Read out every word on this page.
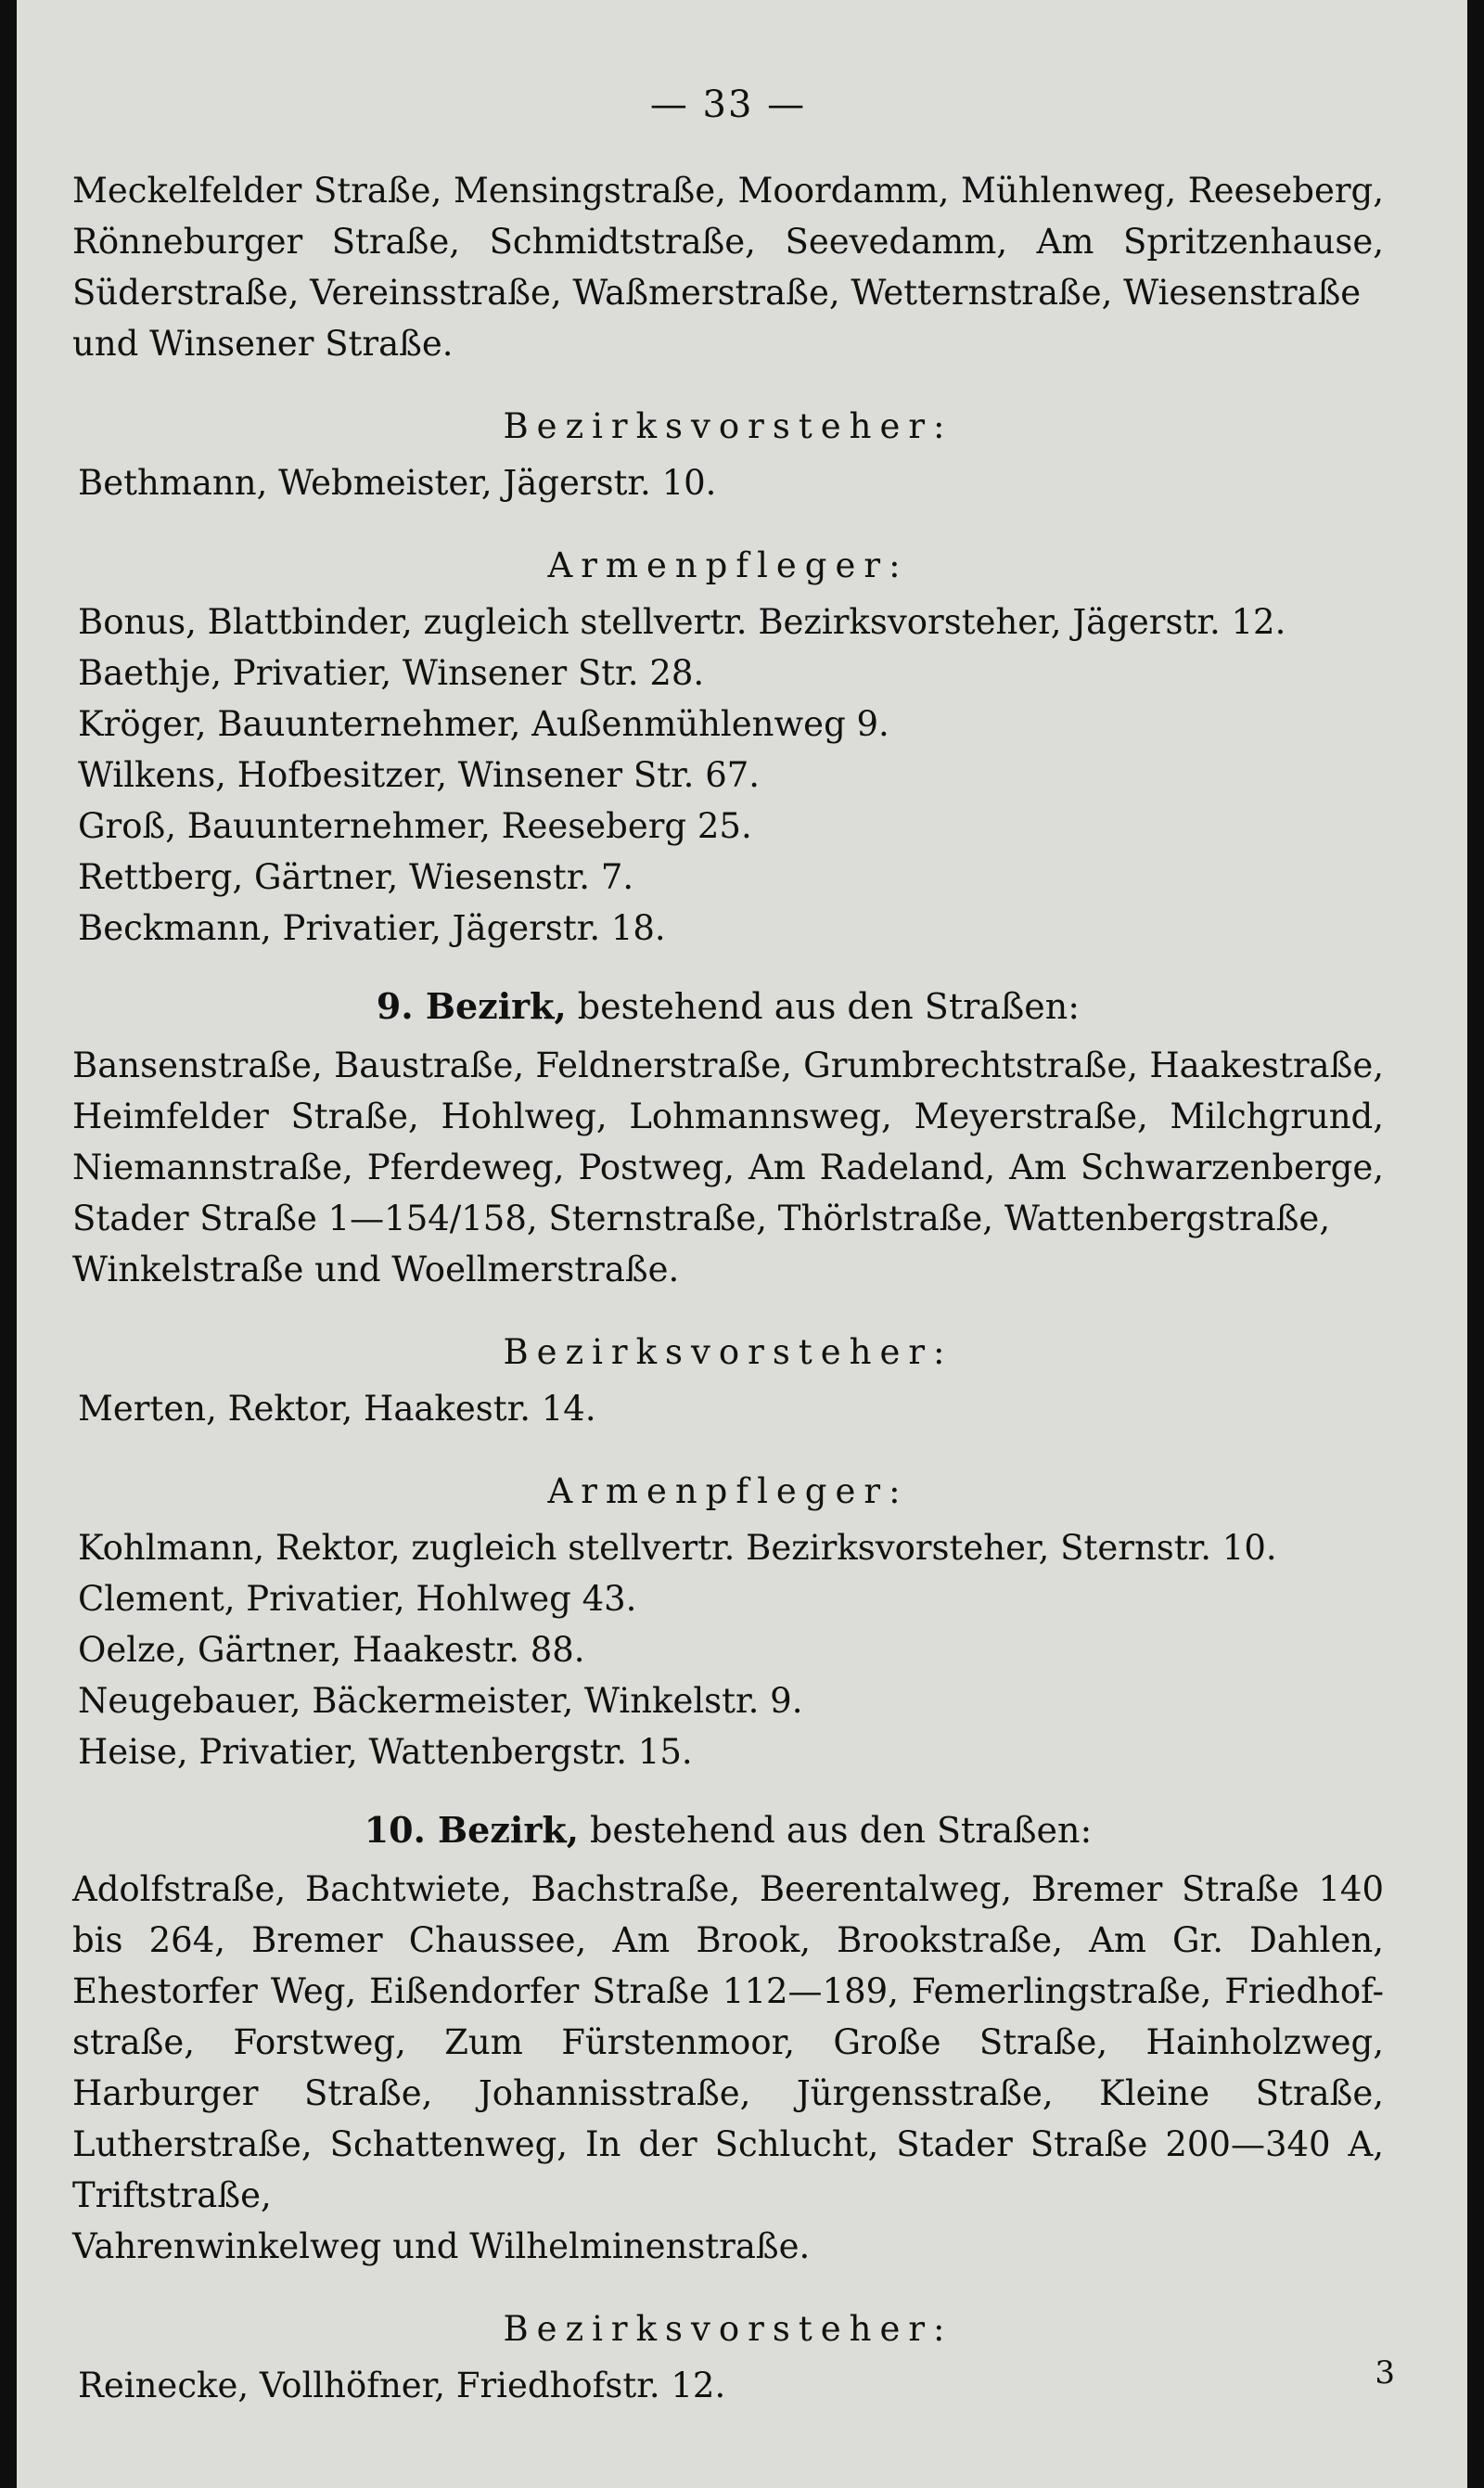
— 33 —
Meckelfelder Straße, Mensingstraße, Moordamm, Mühlenweg, Reeseberg, Rönneburger Straße, Schmidtstraße, Seevedamm, Am Spritzenhause, Süderstraße, Vereinsstraße, Waßmerstraße, Wetternstraße, Wiesenstraße
und Winsener Straße.
Bezirksvorsteher:
Bethmann, Webmeister, Jägerstr. 10.
Armenpfleger:
Bonus, Blattbinder, zugleich stellvertr. Bezirksvorsteher, Jägerstr. 12.
Baethje, Privatier, Winsener Str. 28.
Kröger, Bauunternehmer, Außenmühlenweg 9.
Wilkens, Hofbesitzer, Winsener Str. 67.
Groß, Bauunternehmer, Reeseberg 25.
Rettberg, Gärtner, Wiesenstr. 7.
Beckmann, Privatier, Jägerstr. 18.
9. Bezirk, bestehend aus den Straßen:
Bansenstraße, Baustraße, Feldnerstraße, Grumbrechtstraße, Haakestraße, Heimfelder Straße, Hohlweg, Lohmannsweg, Meyerstraße, Milchgrund, Niemannstraße, Pferdeweg, Postweg, Am Radeland, Am Schwarzenberge, Stader Straße 1—154/158, Sternstraße, Thörlstraße, Wattenbergstraße,
Winkelstraße und Woellmerstraße.
Bezirksvorsteher:
Merten, Rektor, Haakestr. 14.
Armenpfleger:
Kohlmann, Rektor, zugleich stellvertr. Bezirksvorsteher, Sternstr. 10.
Clement, Privatier, Hohlweg 43.
Oelze, Gärtner, Haakestr. 88.
Neugebauer, Bäckermeister, Winkelstr. 9.
Heise, Privatier, Wattenbergstr. 15.
10. Bezirk, bestehend aus den Straßen:
Adolfstraße, Bachtwiete, Bachstraße, Beerentalweg, Bremer Straße 140 bis 264, Bremer Chaussee, Am Brook, Brookstraße, Am Gr. Dahlen, Ehestorfer Weg, Eißendorfer Straße 112—189, Femerlingstraße, Friedhof- straße, Forstweg, Zum Fürstenmoor, Große Straße, Hainholzweg, Harburger Straße, Johannisstraße, Jürgensstraße, Kleine Straße, Lutherstraße, Schattenweg, In der Schlucht, Stader Straße 200—340 A, Triftstraße,
Vahrenwinkelweg und Wilhelminenstraße.
Bezirksvorsteher:
Reinecke, Vollhöfner, Friedhofstr. 12.	3
